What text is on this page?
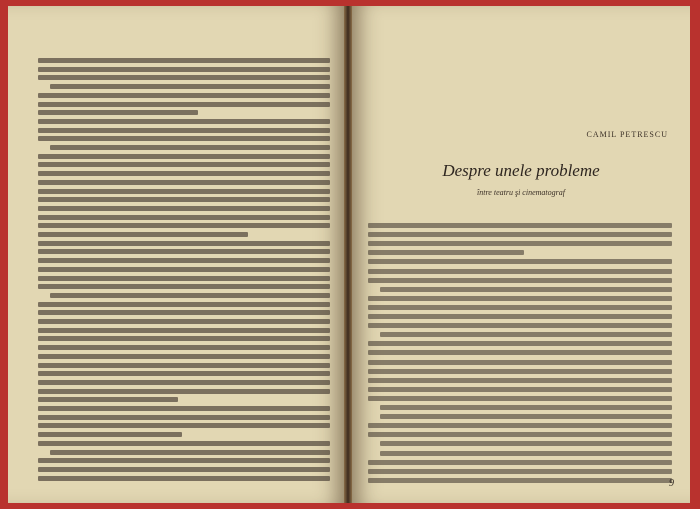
CAMIL PETRESCU
Despre unele probleme
între teatru şi cinematograf
9
